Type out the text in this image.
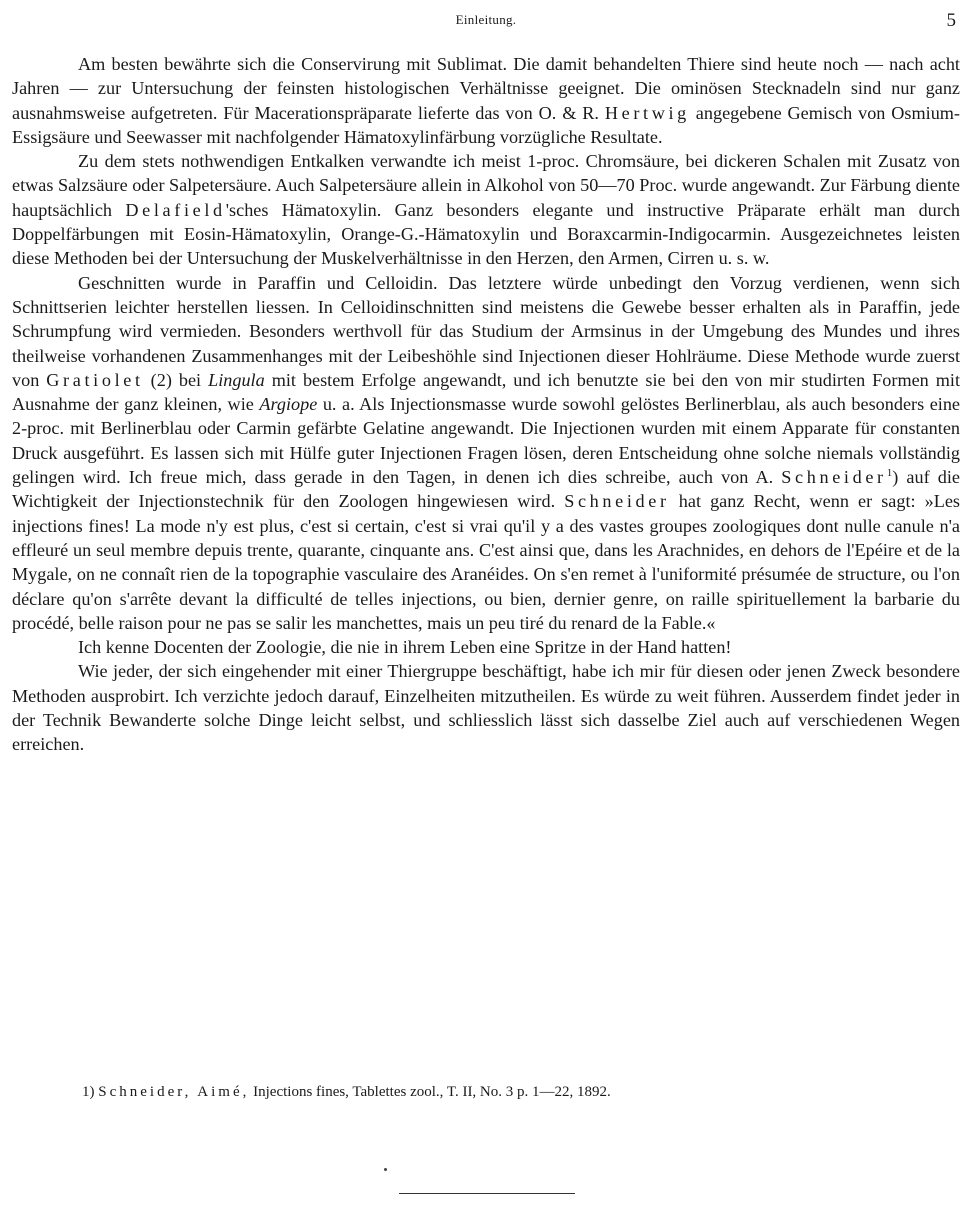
Einleitung.	5

Am besten bewährte sich die Conservirung mit Sublimat. Die damit behandelten Thiere sind heute noch — nach acht Jahren — zur Untersuchung der feinsten histologischen Verhältnisse geeignet. Die ominösen Stecknadeln sind nur ganz ausnahmsweise aufgetreten. Für Macerationspräparate lieferte das von O. & R. Hertwig angegebene Gemisch von Osmium-Essigsäure und Seewasser mit nachfolgender Hämatoxylinfärbung vorzügliche Resultate.

Zu dem stets nothwendigen Entkalken verwandte ich meist 1-proc. Chromsäure, bei dickeren Schalen mit Zusatz von etwas Salzsäure oder Salpetersäure. Auch Salpetersäure allein in Alkohol von 50—70 Proc. wurde angewandt. Zur Färbung diente hauptsächlich Delafield'sches Hämatoxylin. Ganz besonders elegante und instructive Präparate erhält man durch Doppelfärbungen mit Eosin-Hämatoxylin, Orange-G.-Hämatoxylin und Boraxcarmin-Indigocarmin. Ausgezeichnetes leisten diese Methoden bei der Untersuchung der Muskelverhältnisse in den Herzen, den Armen, Cirren u. s. w.

Geschnitten wurde in Paraffin und Celloidin. Das letztere würde unbedingt den Vorzug verdienen, wenn sich Schnittserien leichter herstellen liessen. In Celloidinschnitten sind meistens die Gewebe besser erhalten als in Paraffin, jede Schrumpfung wird vermieden. Besonders werthvoll für das Studium der Armsinus in der Umgebung des Mundes und ihres theilweise vorhandenen Zusammenhanges mit der Leibeshöhle sind Injectionen dieser Hohlräume. Diese Methode wurde zuerst von Gratiolet (2) bei Lingula mit bestem Erfolge angewandt, und ich benutzte sie bei den von mir studirten Formen mit Ausnahme der ganz kleinen, wie Argiope u. a. Als Injectionsmasse wurde sowohl gelöstes Berlinerblau, als auch besonders eine 2-proc. mit Berlinerblau oder Carmin gefärbte Gelatine angewandt. Die Injectionen wurden mit einem Apparate für constanten Druck ausgeführt. Es lassen sich mit Hülfe guter Injectionen Fragen lösen, deren Entscheidung ohne solche niemals vollständig gelingen wird. Ich freue mich, dass gerade in den Tagen, in denen ich dies schreibe, auch von A. Schneider$^1$) auf die Wichtigkeit der Injectionstechnik für den Zoologen hingewiesen wird. Schneider hat ganz Recht, wenn er sagt: »Les injections fines! La mode n'y est plus, c'est si certain, c'est si vrai qu'il y a des vastes groupes zoologiques dont nulle canule n'a effleuré un seul membre depuis trente, quarante, cinquante ans. C'est ainsi que, dans les Arachnides, en dehors de l'Epéire et de la Mygale, on ne connaît rien de la topographie vasculaire des Aranéides. On s'en remet à l'uniformité présumée de structure, ou l'on déclare qu'on s'arrête devant la difficulté de telles injections, ou bien, dernier genre, on raille spirituellement la barbarie du procédé, belle raison pour ne pas se salir les manchettes, mais un peu tiré du renard de la Fable.«

Ich kenne Docenten der Zoologie, die nie in ihrem Leben eine Spritze in der Hand hatten!

Wie jeder, der sich eingehender mit einer Thiergruppe beschäftigt, habe ich mir für diesen oder jenen Zweck besondere Methoden ausprobirt. Ich verzichte jedoch darauf, Einzelheiten mitzutheilen. Es würde zu weit führen. Ausserdem findet jeder in der Technik Bewanderte solche Dinge leicht selbst, und schliesslich lässt sich dasselbe Ziel auch auf verschiedenen Wegen erreichen.

1) Schneider, Aimé, Injections fines, Tablettes zool., T. II, No. 3 p. 1—22, 1892.
